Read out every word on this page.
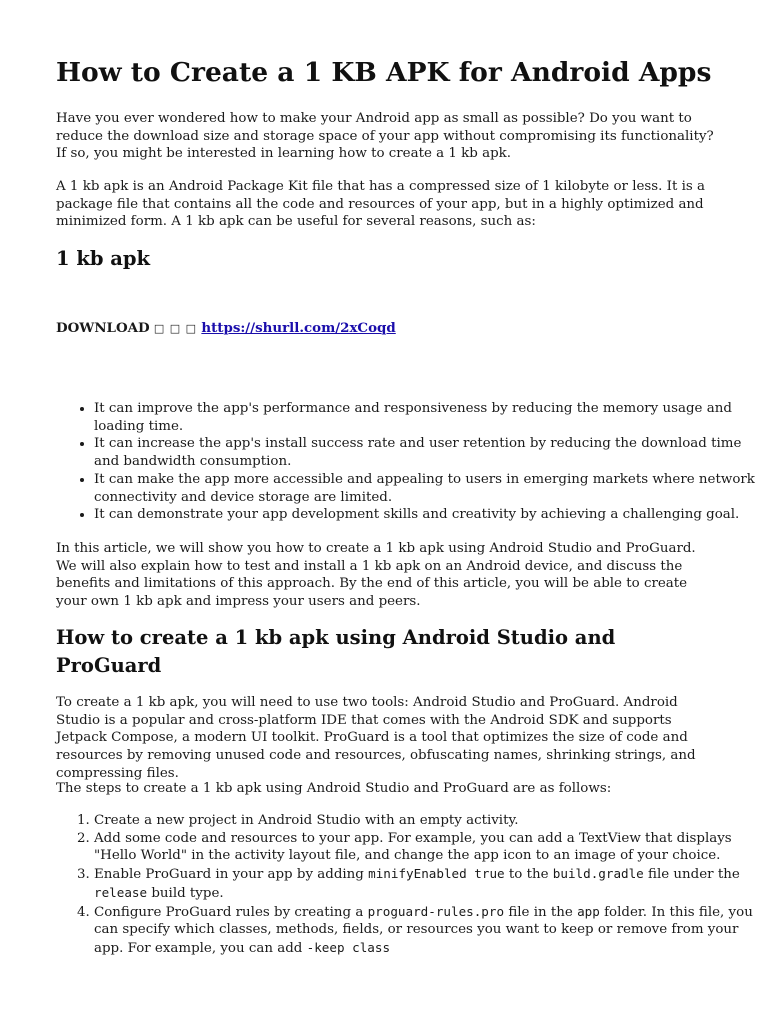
How to Create a 1 KB APK for Android Apps

Have you ever wondered how to make your Android app as small as possible? Do you want to reduce the download size and storage space of your app without compromising its functionality? If so, you might be interested in learning how to create a 1 kb apk.

A 1 kb apk is an Android Package Kit file that has a compressed size of 1 kilobyte or less. It is a package file that contains all the code and resources of your app, but in a highly optimized and minimized form. A 1 kb apk can be useful for several reasons, such as:

1 kb apk

DOWNLOAD □ □ □ https://shurll.com/2xCoqd

• It can improve the app's performance and responsiveness by reducing the memory usage and loading time.
• It can increase the app's install success rate and user retention by reducing the download time and bandwidth consumption.
• It can make the app more accessible and appealing to users in emerging markets where network connectivity and device storage are limited.
• It can demonstrate your app development skills and creativity by achieving a challenging goal.

In this article, we will show you how to create a 1 kb apk using Android Studio and ProGuard. We will also explain how to test and install a 1 kb apk on an Android device, and discuss the benefits and limitations of this approach. By the end of this article, you will be able to create your own 1 kb apk and impress your users and peers.

How to create a 1 kb apk using Android Studio and ProGuard

To create a 1 kb apk, you will need to use two tools: Android Studio and ProGuard. Android Studio is a popular and cross-platform IDE that comes with the Android SDK and supports Jetpack Compose, a modern UI toolkit. ProGuard is a tool that optimizes the size of code and resources by removing unused code and resources, obfuscating names, shrinking strings, and compressing files.

The steps to create a 1 kb apk using Android Studio and ProGuard are as follows:

1. Create a new project in Android Studio with an empty activity.
2. Add some code and resources to your app. For example, you can add a TextView that displays "Hello World" in the activity layout file, and change the app icon to an image of your choice.
3. Enable ProGuard in your app by adding minifyEnabled true to the build.gradle file under the release build type.
4. Configure ProGuard rules by creating a proguard-rules.pro file in the app folder. In this file, you can specify which classes, methods, fields, or resources you want to keep or remove from your app. For example, you can add -keep class
